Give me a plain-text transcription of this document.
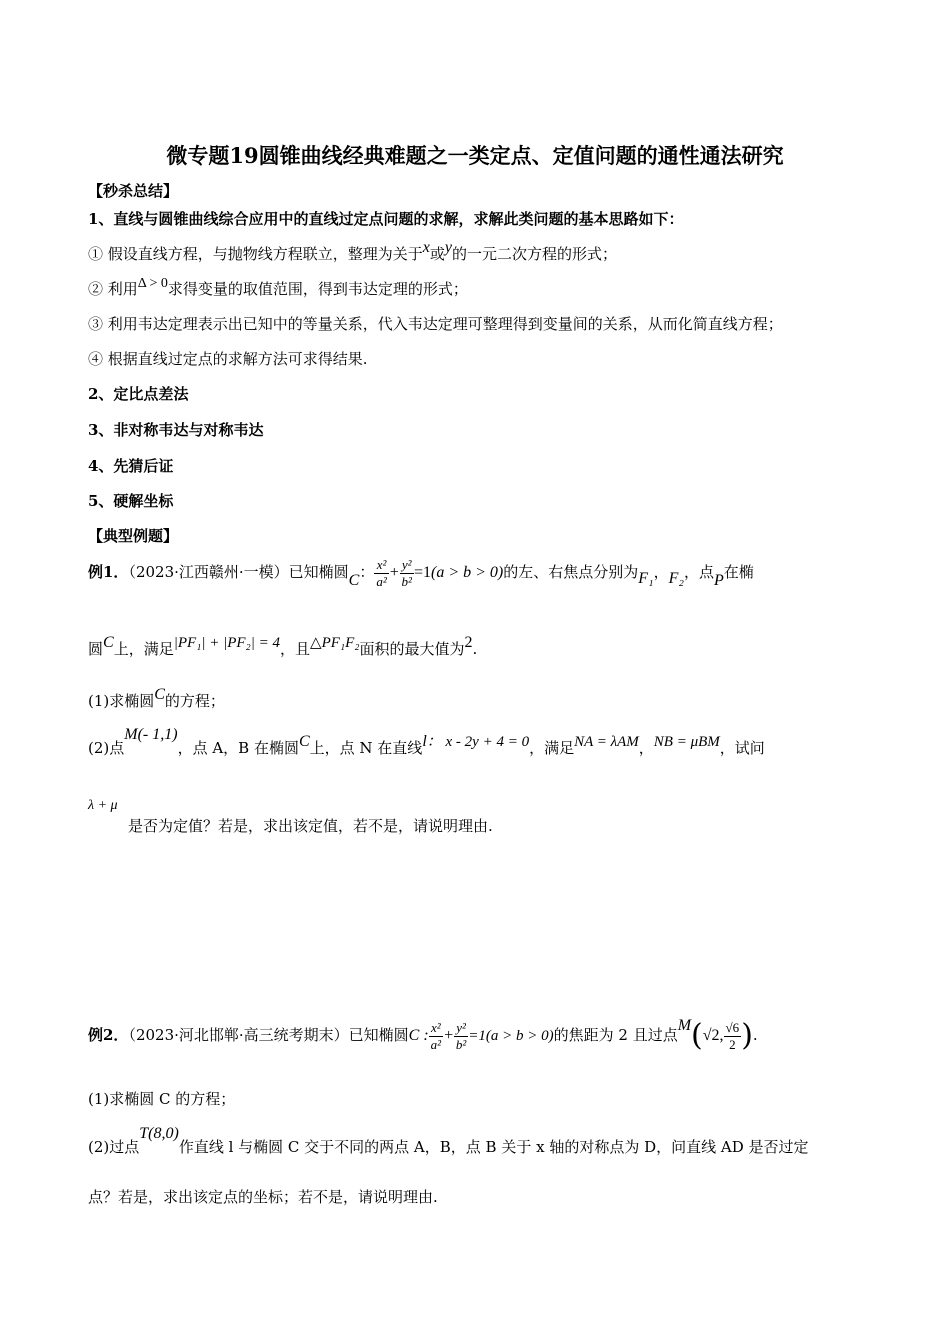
微专题19圆锥曲线经典难题之一类定点、定值问题的通性通法研究
【秒杀总结】
1、直线与圆锥曲线综合应用中的直线过定点问题的求解，求解此类问题的基本思路如下：
① 假设直线方程，与抛物线方程联立，整理为关于x或y的一元二次方程的形式；
② 利用Δ > 0求得变量的取值范围，得到韦达定理的形式；
③ 利用韦达定理表示出已知中的等量关系，代入韦达定理可整理得到变量间的关系，从而化简直线方程；
④ 根据直线过定点的求解方法可求得结果.
2、定比点差法
3、非对称韦达与对称韦达
4、先猜后证
5、硬解坐标
【典型例题】
例1．（2023·江西赣州·一模）已知椭圆C： $\frac{\text{x²}}{\text{a²}} + \frac{\text{y²}}{\text{b²}} =1(a > b > 0)$的左、右焦点分别为F₁，F₂，点P在椭
圆C上，满足|PF₁| + |PF₂| = 4，且△PF₁F₂面积的最大值为2.
(1)求椭圆C的方程；
(2)点M(- 1,1)，点 A，B 在椭圆C上，点 N 在直线l： x - 2y + 4 = 0，满足NA = λAM，NB = μBM，试问
λ + μ
是否为定值？若是，求出该定值，若不是，请说明理由.
例2．（2023·河北邯郸·高三统考期末）已知椭圆C : $\frac{\text{x²}}{\text{a²}} + \frac{\text{y²}}{\text{b²}} =1(a > b > 0)$的焦距为 2 且过点M(√2, $\frac{√6}{2}$ ).
(1)求椭圆 C 的方程；
(2)过点T(8,0)作直线 l 与椭圆 C 交于不同的两点 A，B，点 B 关于 x 轴的对称点为 D，问直线 AD 是否过定
点？若是，求出该定点的坐标；若不是，请说明理由.
